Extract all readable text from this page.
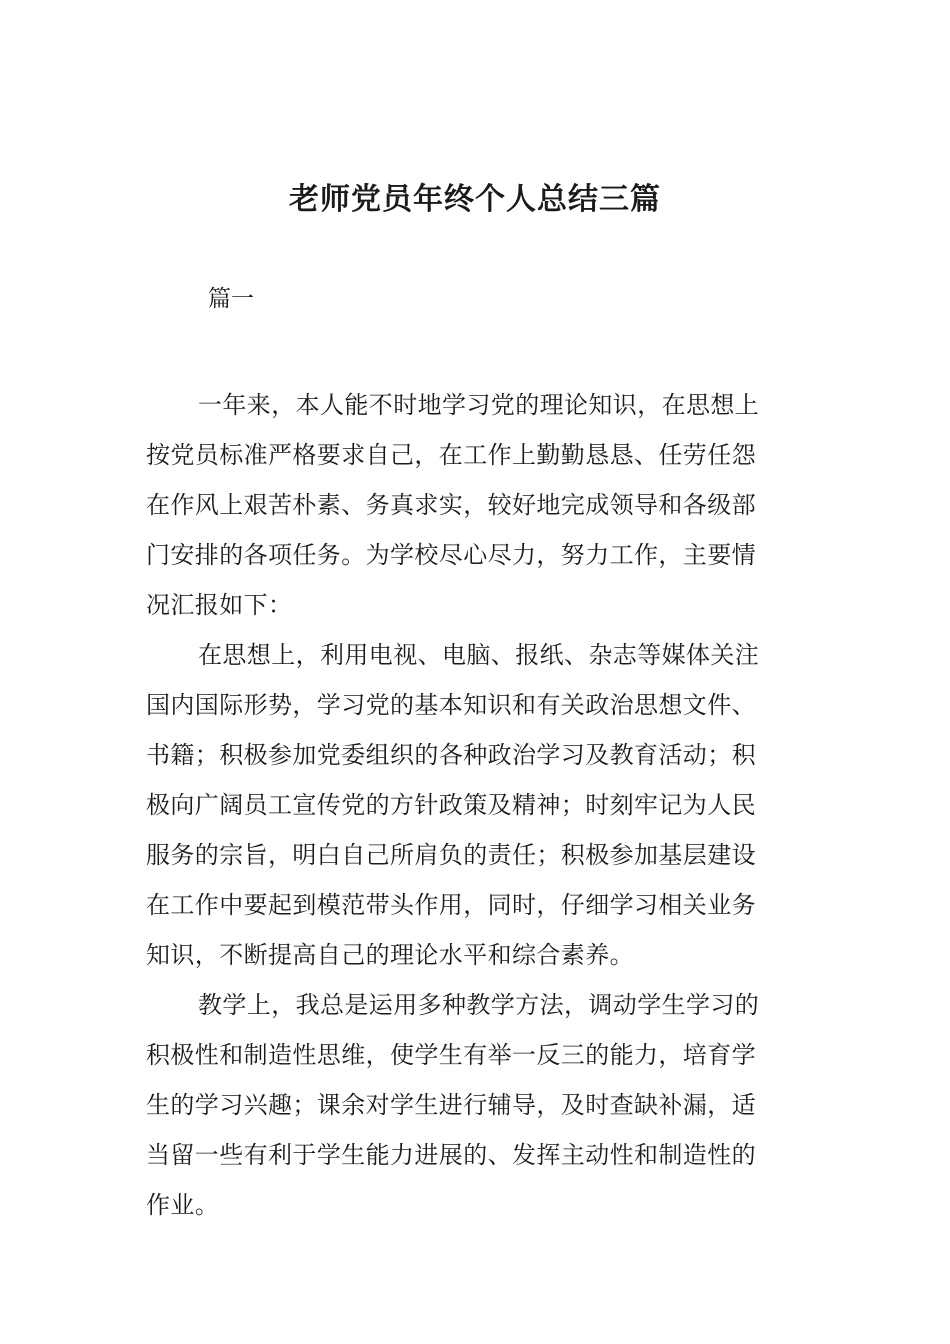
老师党员年终个人总结三篇
篇一
一年来，本人能不时地学习党的理论知识，在思想上
按党员标准严格要求自己，在工作上勤勤恳恳、任劳任怨
在作风上艰苦朴素、务真求实，较好地完成领导和各级部
门安排的各项任务。为学校尽心尽力，努力工作，主要情
况汇报如下：
在思想上，利用电视、电脑、报纸、杂志等媒体关注
国内国际形势，学习党的基本知识和有关政治思想文件、
书籍；积极参加党委组织的各种政治学习及教育活动；积
极向广阔员工宣传党的方针政策及精神；时刻牢记为人民
服务的宗旨，明白自己所肩负的责任；积极参加基层建设
在工作中要起到模范带头作用，同时，仔细学习相关业务
知识，不断提高自己的理论水平和综合素养。
教学上，我总是运用多种教学方法，调动学生学习的
积极性和制造性思维，使学生有举一反三的能力，培育学
生的学习兴趣；课余对学生进行辅导，及时查缺补漏，适
当留一些有利于学生能力进展的、发挥主动性和制造性的
作业。
